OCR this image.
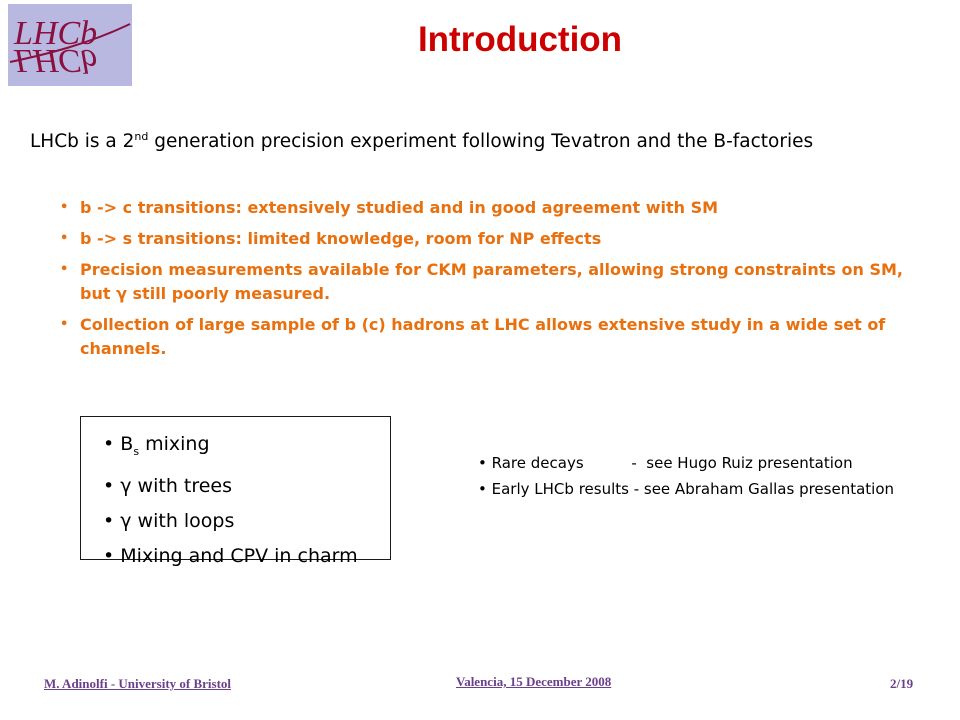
LHCb
LHCb
Introduction
LHCb is a 2nd generation precision experiment following Tevatron and the B-factories
• b -> c transitions: extensively studied and in good agreement with SM
• b -> s transitions: limited knowledge, room for NP effects
• Precision measurements available for CKM parameters, allowing strong constraints on SM, but γ still poorly measured.
• Collection of large sample of b (c) hadrons at LHC allows extensive study in a wide set of channels.
• $B_s$ mixing
• γ with trees
• γ with loops
• Mixing and CPV in charm
• Rare decays          -  see Hugo Ruiz presentation
• Early LHCb results - see Abraham Gallas presentation
M. Adinolfi - University of Bristol	Valencia, 15 December 2008	2/19
